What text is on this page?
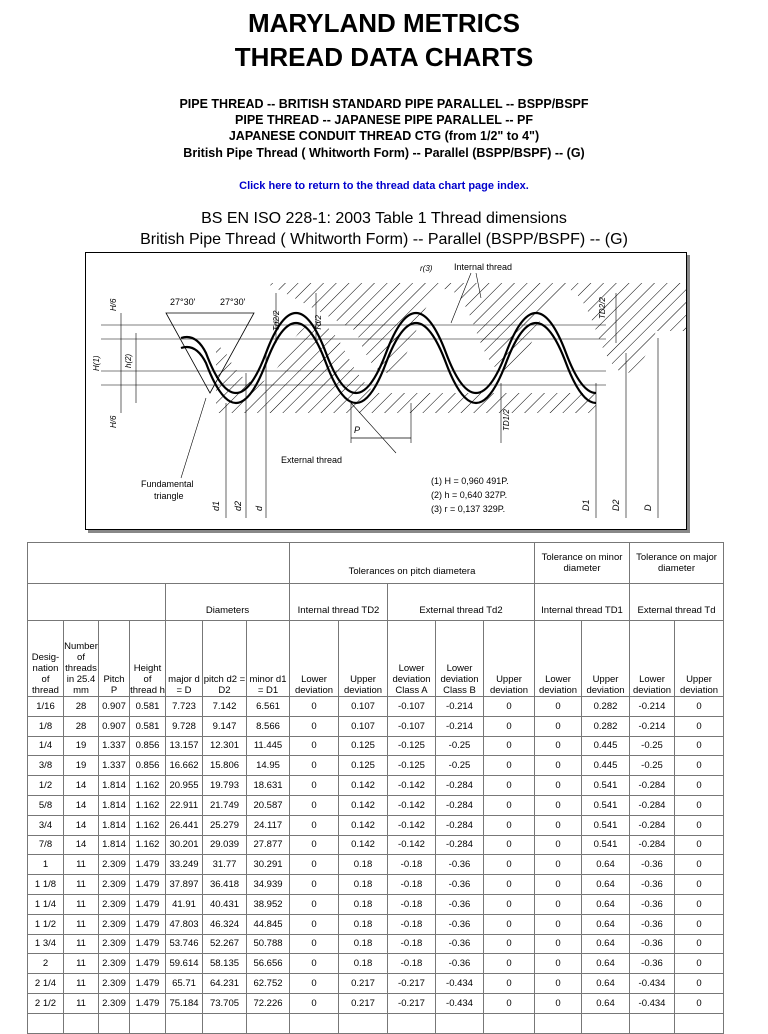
MARYLAND METRICS
THREAD DATA CHARTS
PIPE THREAD -- BRITISH STANDARD PIPE PARALLEL -- BSPP/BSPF
PIPE THREAD -- JAPANESE PIPE PARALLEL -- PF
JAPANESE CONDUIT THREAD CTG (from 1/2" to 4")
British Pipe Thread ( Whitworth Form) -- Parallel (BSPP/BSPF) -- (G)
Click here to return to the thread data chart page index.
BS EN ISO 228-1: 2003 Table 1 Thread dimensions
British Pipe Thread ( Whitworth Form) -- Parallel (BSPP/BSPF) -- (G)
Internal thread
External thread
Fundamental
triangle
27°30'	27°30'
r(3)
P
H/6
H/6
H(1)	h(2)
Td2/2	Td/2
TD2/2
TD1/2
d1 d2 d	D1 D2 D
(1) H = 0,960 491P.
(2) h = 0,640 327P.
(3) r = 0,137 329P.
							Tolerances on pitch diametera					Tolerance on minor diameter		Tolerance on major diameter	
				Diameters			Internal thread TD2		External thread Td2			Internal thread TD1		External thread Td	
Desig-nation of thread	Number of threads in 25.4 mm	Pitch P	Height of thread h	major d = D	pitch d2 = D2	minor d1 = D1	Lower deviation	Upper deviation	Lower deviation Class A	Lower deviation Class B	Upper deviation	Lower deviation	Upper deviation	Lower deviation	Upper deviation
1/16	28	0.907	0.581	7.723	7.142	6.561	0	0.107	-0.107	-0.214	0	0	0.282	-0.214	0
1/8	28	0.907	0.581	9.728	9.147	8.566	0	0.107	-0.107	-0.214	0	0	0.282	-0.214	0
1/4	19	1.337	0.856	13.157	12.301	11.445	0	0.125	-0.125	-0.25	0	0	0.445	-0.25	0
3/8	19	1.337	0.856	16.662	15.806	14.95	0	0.125	-0.125	-0.25	0	0	0.445	-0.25	0
1/2	14	1.814	1.162	20.955	19.793	18.631	0	0.142	-0.142	-0.284	0	0	0.541	-0.284	0
5/8	14	1.814	1.162	22.911	21.749	20.587	0	0.142	-0.142	-0.284	0	0	0.541	-0.284	0
3/4	14	1.814	1.162	26.441	25.279	24.117	0	0.142	-0.142	-0.284	0	0	0.541	-0.284	0
7/8	14	1.814	1.162	30.201	29.039	27.877	0	0.142	-0.142	-0.284	0	0	0.541	-0.284	0
1	11	2.309	1.479	33.249	31.77	30.291	0	0.18	-0.18	-0.36	0	0	0.64	-0.36	0
1 1/8	11	2.309	1.479	37.897	36.418	34.939	0	0.18	-0.18	-0.36	0	0	0.64	-0.36	0
1 1/4	11	2.309	1.479	41.91	40.431	38.952	0	0.18	-0.18	-0.36	0	0	0.64	-0.36	0
1 1/2	11	2.309	1.479	47.803	46.324	44.845	0	0.18	-0.18	-0.36	0	0	0.64	-0.36	0
1 3/4	11	2.309	1.479	53.746	52.267	50.788	0	0.18	-0.18	-0.36	0	0	0.64	-0.36	0
2	11	2.309	1.479	59.614	58.135	56.656	0	0.18	-0.18	-0.36	0	0	0.64	-0.36	0
2 1/4	11	2.309	1.479	65.71	64.231	62.752	0	0.217	-0.217	-0.434	0	0	0.64	-0.434	0
2 1/2	11	2.309	1.479	75.184	73.705	72.226	0	0.217	-0.217	-0.434	0	0	0.64	-0.434	0
